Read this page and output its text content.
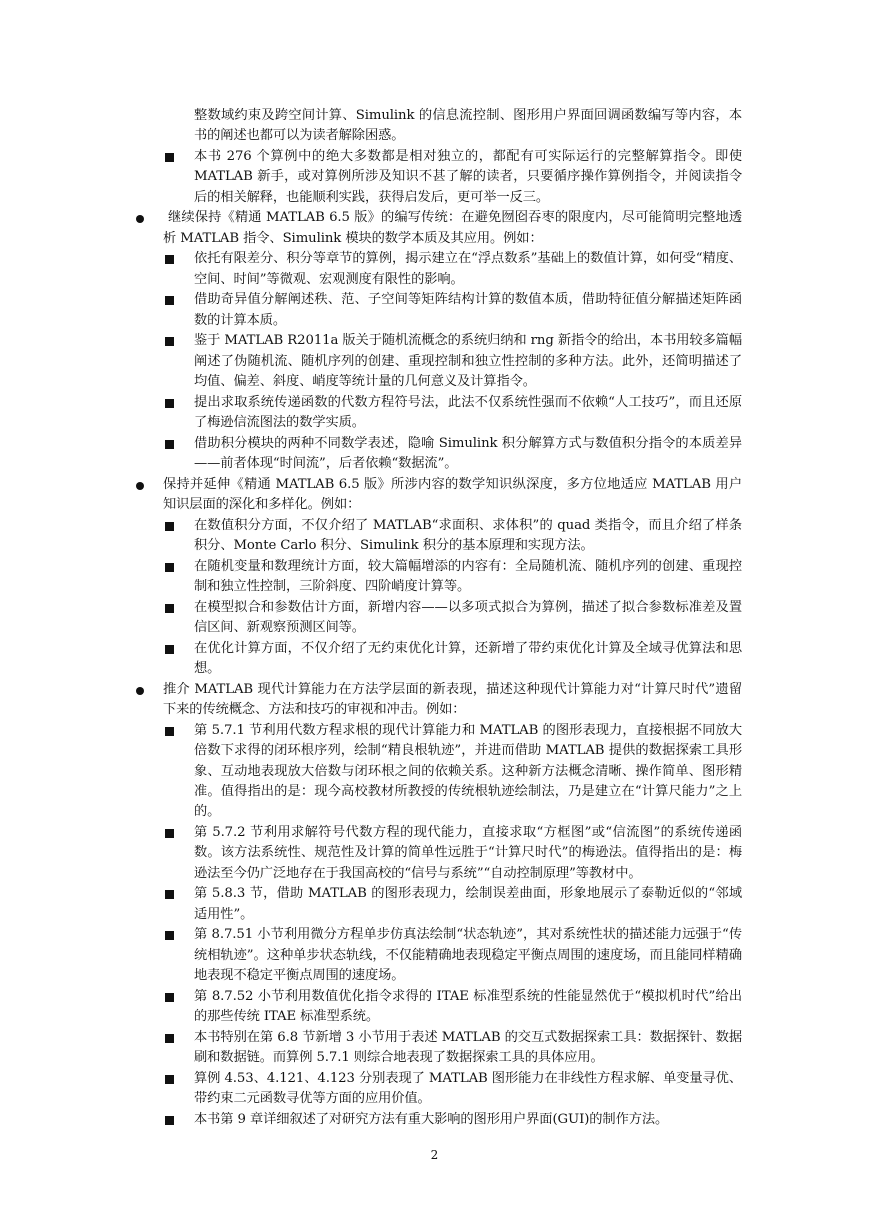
整数域约束及跨空间计算、Simulink 的信息流控制、图形用户界面回调函数编写等内容，本书的阐述也都可以为读者解除困惑。
本书 276 个算例中的绝大多数都是相对独立的，都配有可实际运行的完整解算指令。即使 MATLAB 新手，或对算例所涉及知识不甚了解的读者，只要循序操作算例指令，并阅读指令后的相关解释，也能顺利实践，获得启发后，更可举一反三。
继续保持《精通 MATLAB 6.5 版》的编写传统：在避免囫囵吞枣的限度内，尽可能简明完整地透析 MATLAB 指令、Simulink 模块的数学本质及其应用。例如：
依托有限差分、积分等章节的算例，揭示建立在“浮点数系”基础上的数值计算，如何受“精度、空间、时间”等微观、宏观测度有限性的影响。
借助奇异值分解阐述秩、范、子空间等矩阵结构计算的数值本质，借助特征值分解描述矩阵函数的计算本质。
鉴于 MATLAB R2011a 版关于随机流概念的系统归纳和 rng 新指令的给出，本书用较多篇幅阐述了伪随机流、随机序列的创建、重现控制和独立性控制的多种方法。此外，还简明描述了均值、偏差、斜度、峭度等统计量的几何意义及计算指令。
提出求取系统传递函数的代数方程符号法，此法不仅系统性强而不依赖“人工技巧”，而且还原了梅逊信流图法的数学实质。
借助积分模块的两种不同数学表述，隐喻 Simulink 积分解算方式与数值积分指令的本质差异——前者体现“时间流”，后者依赖“数据流”。
保持并延伸《精通 MATLAB 6.5 版》所涉内容的数学知识纵深度，多方位地适应 MATLAB 用户知识层面的深化和多样化。例如：
在数值积分方面，不仅介绍了 MATLAB“求面积、求体积”的 quad 类指令，而且介绍了样条积分、Monte Carlo 积分、Simulink 积分的基本原理和实现方法。
在随机变量和数理统计方面，较大篇幅增添的内容有：全局随机流、随机序列的创建、重现控制和独立性控制，三阶斜度、四阶峭度计算等。
在模型拟合和参数估计方面，新增内容——以多项式拟合为算例，描述了拟合参数标准差及置信区间、新观察预测区间等。
在优化计算方面，不仅介绍了无约束优化计算，还新增了带约束优化计算及全域寻优算法和思想。
推介 MATLAB 现代计算能力在方法学层面的新表现，描述这种现代计算能力对“计算尺时代”遗留下来的传统概念、方法和技巧的审视和冲击。例如：
第 5.7.1 节利用代数方程求根的现代计算能力和 MATLAB 的图形表现力，直接根据不同放大倍数下求得的闭环根序列，绘制“精良根轨迹”，并进而借助 MATLAB 提供的数据探索工具形象、互动地表现放大倍数与闭环根之间的依赖关系。这种新方法概念清晰、操作简单、图形精准。值得指出的是：现今高校教材所教授的传统根轨迹绘制法，乃是建立在“计算尺能力”之上的。
第 5.7.2 节利用求解符号代数方程的现代能力，直接求取“方框图”或“信流图”的系统传递函数。该方法系统性、规范性及计算的简单性远胜于“计算尺时代”的梅逊法。值得指出的是：梅逊法至今仍广泛地存在于我国高校的“信号与系统”“自动控制原理”等教材中。
第 5.8.3 节，借助 MATLAB 的图形表现力，绘制误差曲面，形象地展示了泰勒近似的“邻域适用性”。
第 8.7.51 小节利用微分方程单步仿真法绘制“状态轨迹”，其对系统性状的描述能力远强于“传统相轨迹”。这种单步状态轨线，不仅能精确地表现稳定平衡点周围的速度场，而且能同样精确地表现不稳定平衡点周围的速度场。
第 8.7.52 小节利用数值优化指令求得的 ITAE 标准型系统的性能显然优于“模拟机时代”给出的那些传统 ITAE 标准型系统。
本书特别在第 6.8 节新增 3 小节用于表述 MATLAB 的交互式数据探索工具：数据探针、数据刷和数据链。而算例 5.7.1 则综合地表现了数据探索工具的具体应用。
算例 4.53、4.121、4.123 分别表现了 MATLAB 图形能力在非线性方程求解、单变量寻优、带约束二元函数寻优等方面的应用价值。
本书第 9 章详细叙述了对研究方法有重大影响的图形用户界面(GUI)的制作方法。
2
